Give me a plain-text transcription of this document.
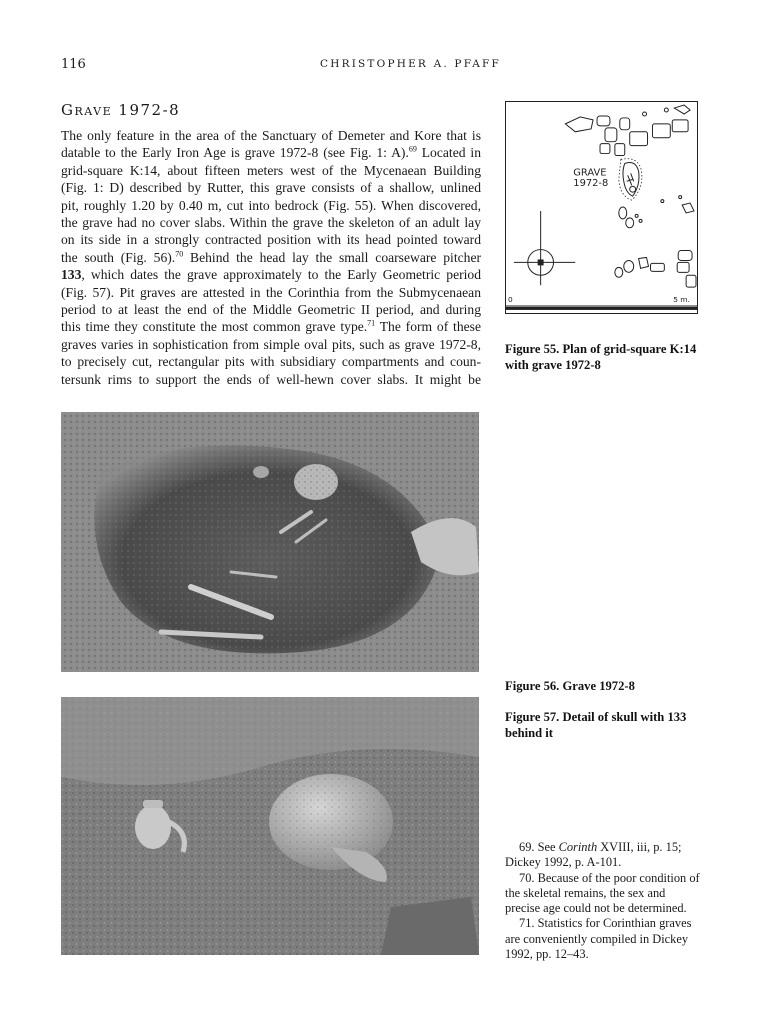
116	CHRISTOPHER A. PFAFF
Grave 1972-8
The only feature in the area of the Sanctuary of Demeter and Kore that is
datable to the Early Iron Age is grave 1972-8 (see Fig. 1: A).$^{69}$ Located in
grid-square K:14, about fifteen meters west of the Mycenaean Building
(Fig. 1: D) described by Rutter, this grave consists of a shallow, unlined
pit, roughly 1.20 by 0.40 m, cut into bedrock (Fig. 55). When discovered,
the grave had no cover slabs. Within the grave the skeleton of an adult lay
on its side in a strongly contracted position with its head pointed toward
the south (Fig. 56).$^{70}$ Behind the head lay the small coarseware pitcher
133, which dates the grave approximately to the Early Geometric period
(Fig. 57). Pit graves are attested in the Corinthia from the Submycenaean
period to at least the end of the Middle Geometric II period, and during
this time they constitute the most common grave type.$^{71}$ The form of these
graves varies in sophistication from simple oval pits, such as grave 1972-8,
to precisely cut, rectangular pits with subsidiary compartments and coun-
tersunk rims to support the ends of well-hewn cover slabs. It might be
GRAVE
1972-8
0	5 m.
Figure 55. Plan of grid-square K:14 with grave 1972-8
Figure 56. Grave 1972-8
Figure 57. Detail of skull with 133 behind it

69. See Corinth XVIII, iii, p. 15; Dickey 1992, p. A-101.

70. Because of the poor condition of the skeletal remains, the sex and precise age could not be determined.

71. Statistics for Corinthian graves are conveniently compiled in Dickey 1992, pp. 12–43.
